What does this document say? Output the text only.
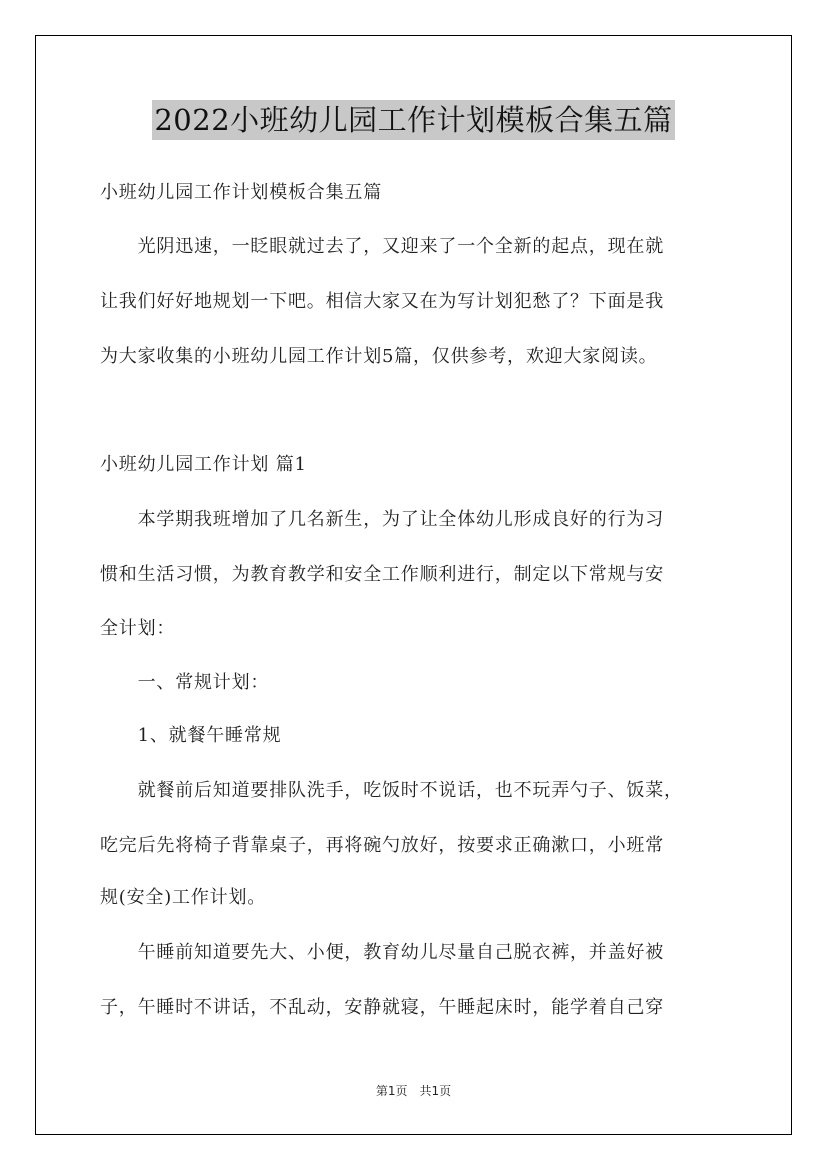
2022小班幼儿园工作计划模板合集五篇
小班幼儿园工作计划模板合集五篇
　　光阴迅速，一眨眼就过去了，又迎来了一个全新的起点，现在就
让我们好好地规划一下吧。相信大家又在为写计划犯愁了？下面是我
为大家收集的小班幼儿园工作计划5篇，仅供参考，欢迎大家阅读。
小班幼儿园工作计划 篇1
　　本学期我班增加了几名新生，为了让全体幼儿形成良好的行为习
惯和生活习惯，为教育教学和安全工作顺利进行，制定以下常规与安
全计划：
　　一、常规计划：
　　1、就餐午睡常规
　　就餐前后知道要排队洗手，吃饭时不说话，也不玩弄勺子、饭菜，
吃完后先将椅子背靠桌子，再将碗勺放好，按要求正确漱口，小班常
规(安全)工作计划。
　　午睡前知道要先大、小便，教育幼儿尽量自己脱衣裤，并盖好被
子，午睡时不讲话，不乱动，安静就寝，午睡起床时，能学着自己穿
第1页　共1页
